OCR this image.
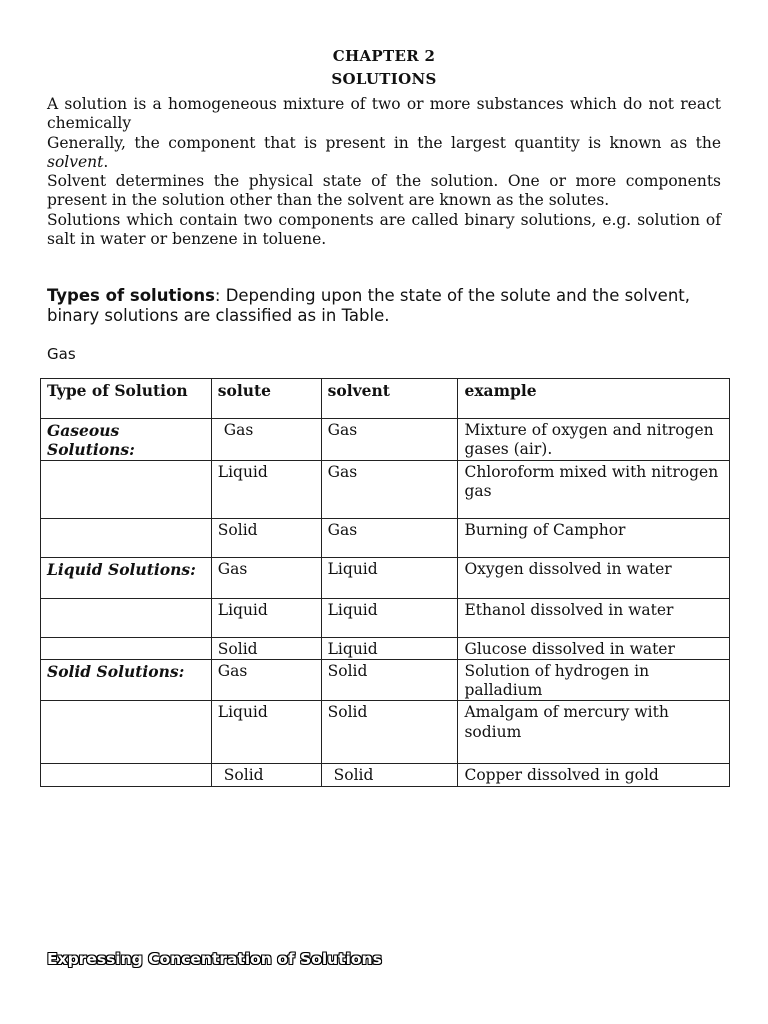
CHAPTER 2
SOLUTIONS

A solution is a homogeneous mixture of two or more substances which do not react chemically

Generally, the component that is present in the largest quantity is known as the solvent.

Solvent determines the physical state of the solution. One or more components present in the solution other than the solvent are known as the solutes.

Solutions which contain two components are called binary solutions, e.g. solution of salt in water or benzene in toluene.

Types of solutions: Depending upon the state of the solute and the solvent, binary solutions are classified as in Table.
Gas
Type of Solution	solute	solvent	example
Gaseous Solutions:	Gas	Gas	Mixture of oxygen and nitrogen gases (air).
	Liquid	Gas	Chloroform mixed with nitrogen gas
	Solid	Gas	Burning of Camphor
Liquid Solutions:	Gas	Liquid	Oxygen dissolved in water
	Liquid	Liquid	Ethanol dissolved in water
	Solid	Liquid	Glucose dissolved in water
Solid Solutions:	Gas	Solid	Solution of hydrogen in palladium
	Liquid	Solid	Amalgam of mercury with sodium
	Solid	Solid	Copper dissolved in gold
Expressing Concentration of Solutions
